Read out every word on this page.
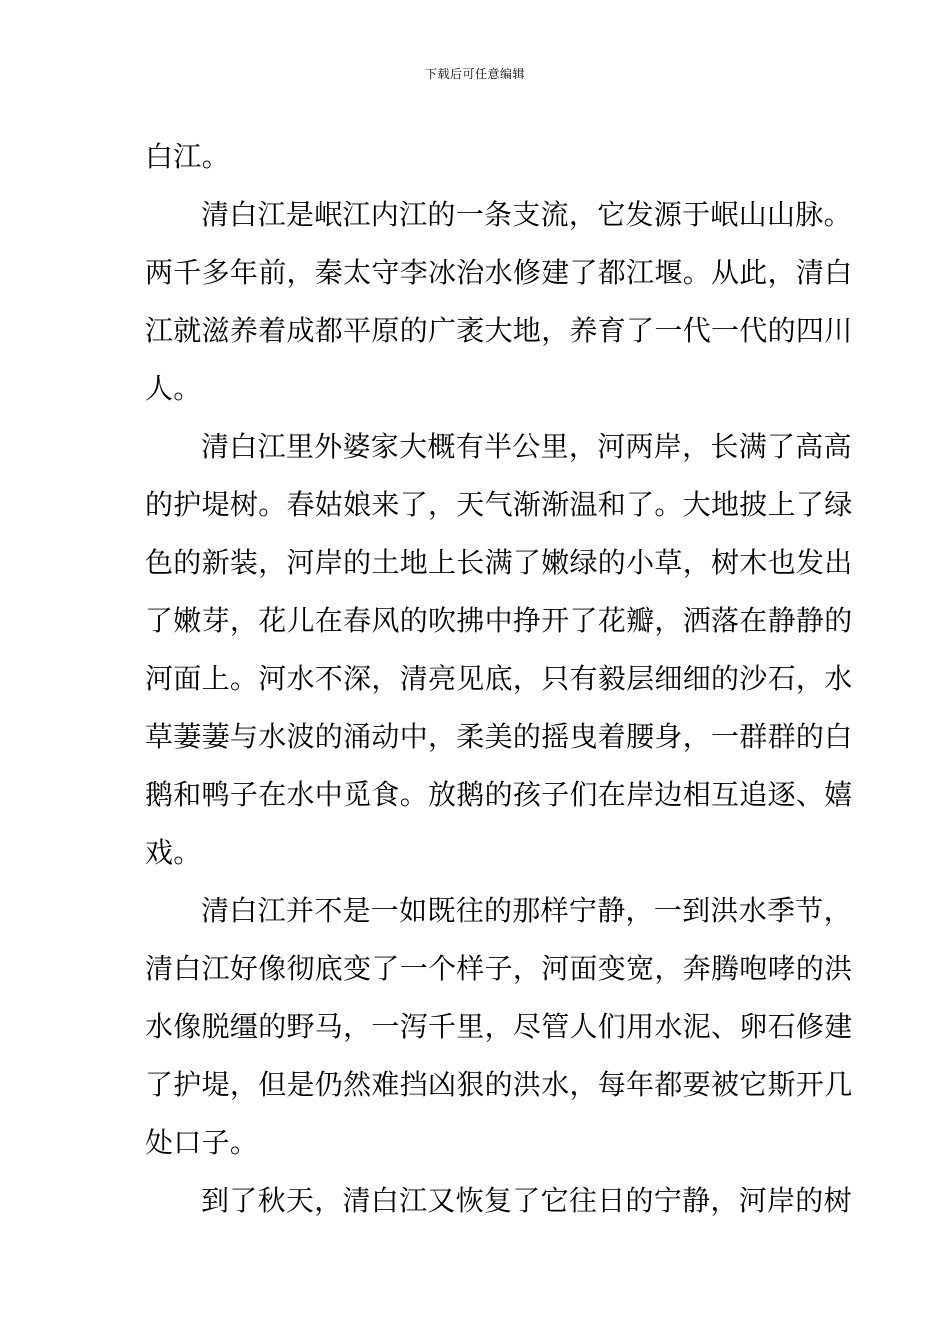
下载后可任意编辑
白江。
清白江是岷江内江的一条支流，它发源于岷山山脉。
两千多年前，秦太守李冰治水修建了都江堰。从此，清白
江就滋养着成都平原的广袤大地，养育了一代一代的四川
人。
清白江里外婆家大概有半公里，河两岸，长满了高高
的护堤树。春姑娘来了，天气渐渐温和了。大地披上了绿
色的新装，河岸的土地上长满了嫩绿的小草，树木也发出
了嫩芽，花儿在春风的吹拂中挣开了花瓣，洒落在静静的
河面上。河水不深，清亮见底，只有毅层细细的沙石，水
草萋萋与水波的涌动中，柔美的摇曳着腰身，一群群的白
鹅和鸭子在水中觅食。放鹅的孩子们在岸边相互追逐、嬉
戏。
清白江并不是一如既往的那样宁静，一到洪水季节，
清白江好像彻底变了一个样子，河面变宽，奔腾咆哮的洪
水像脱缰的野马，一泻千里，尽管人们用水泥、卵石修建
了护堤，但是仍然难挡凶狠的洪水，每年都要被它斯开几
处口子。
到了秋天，清白江又恢复了它往日的宁静，河岸的树
